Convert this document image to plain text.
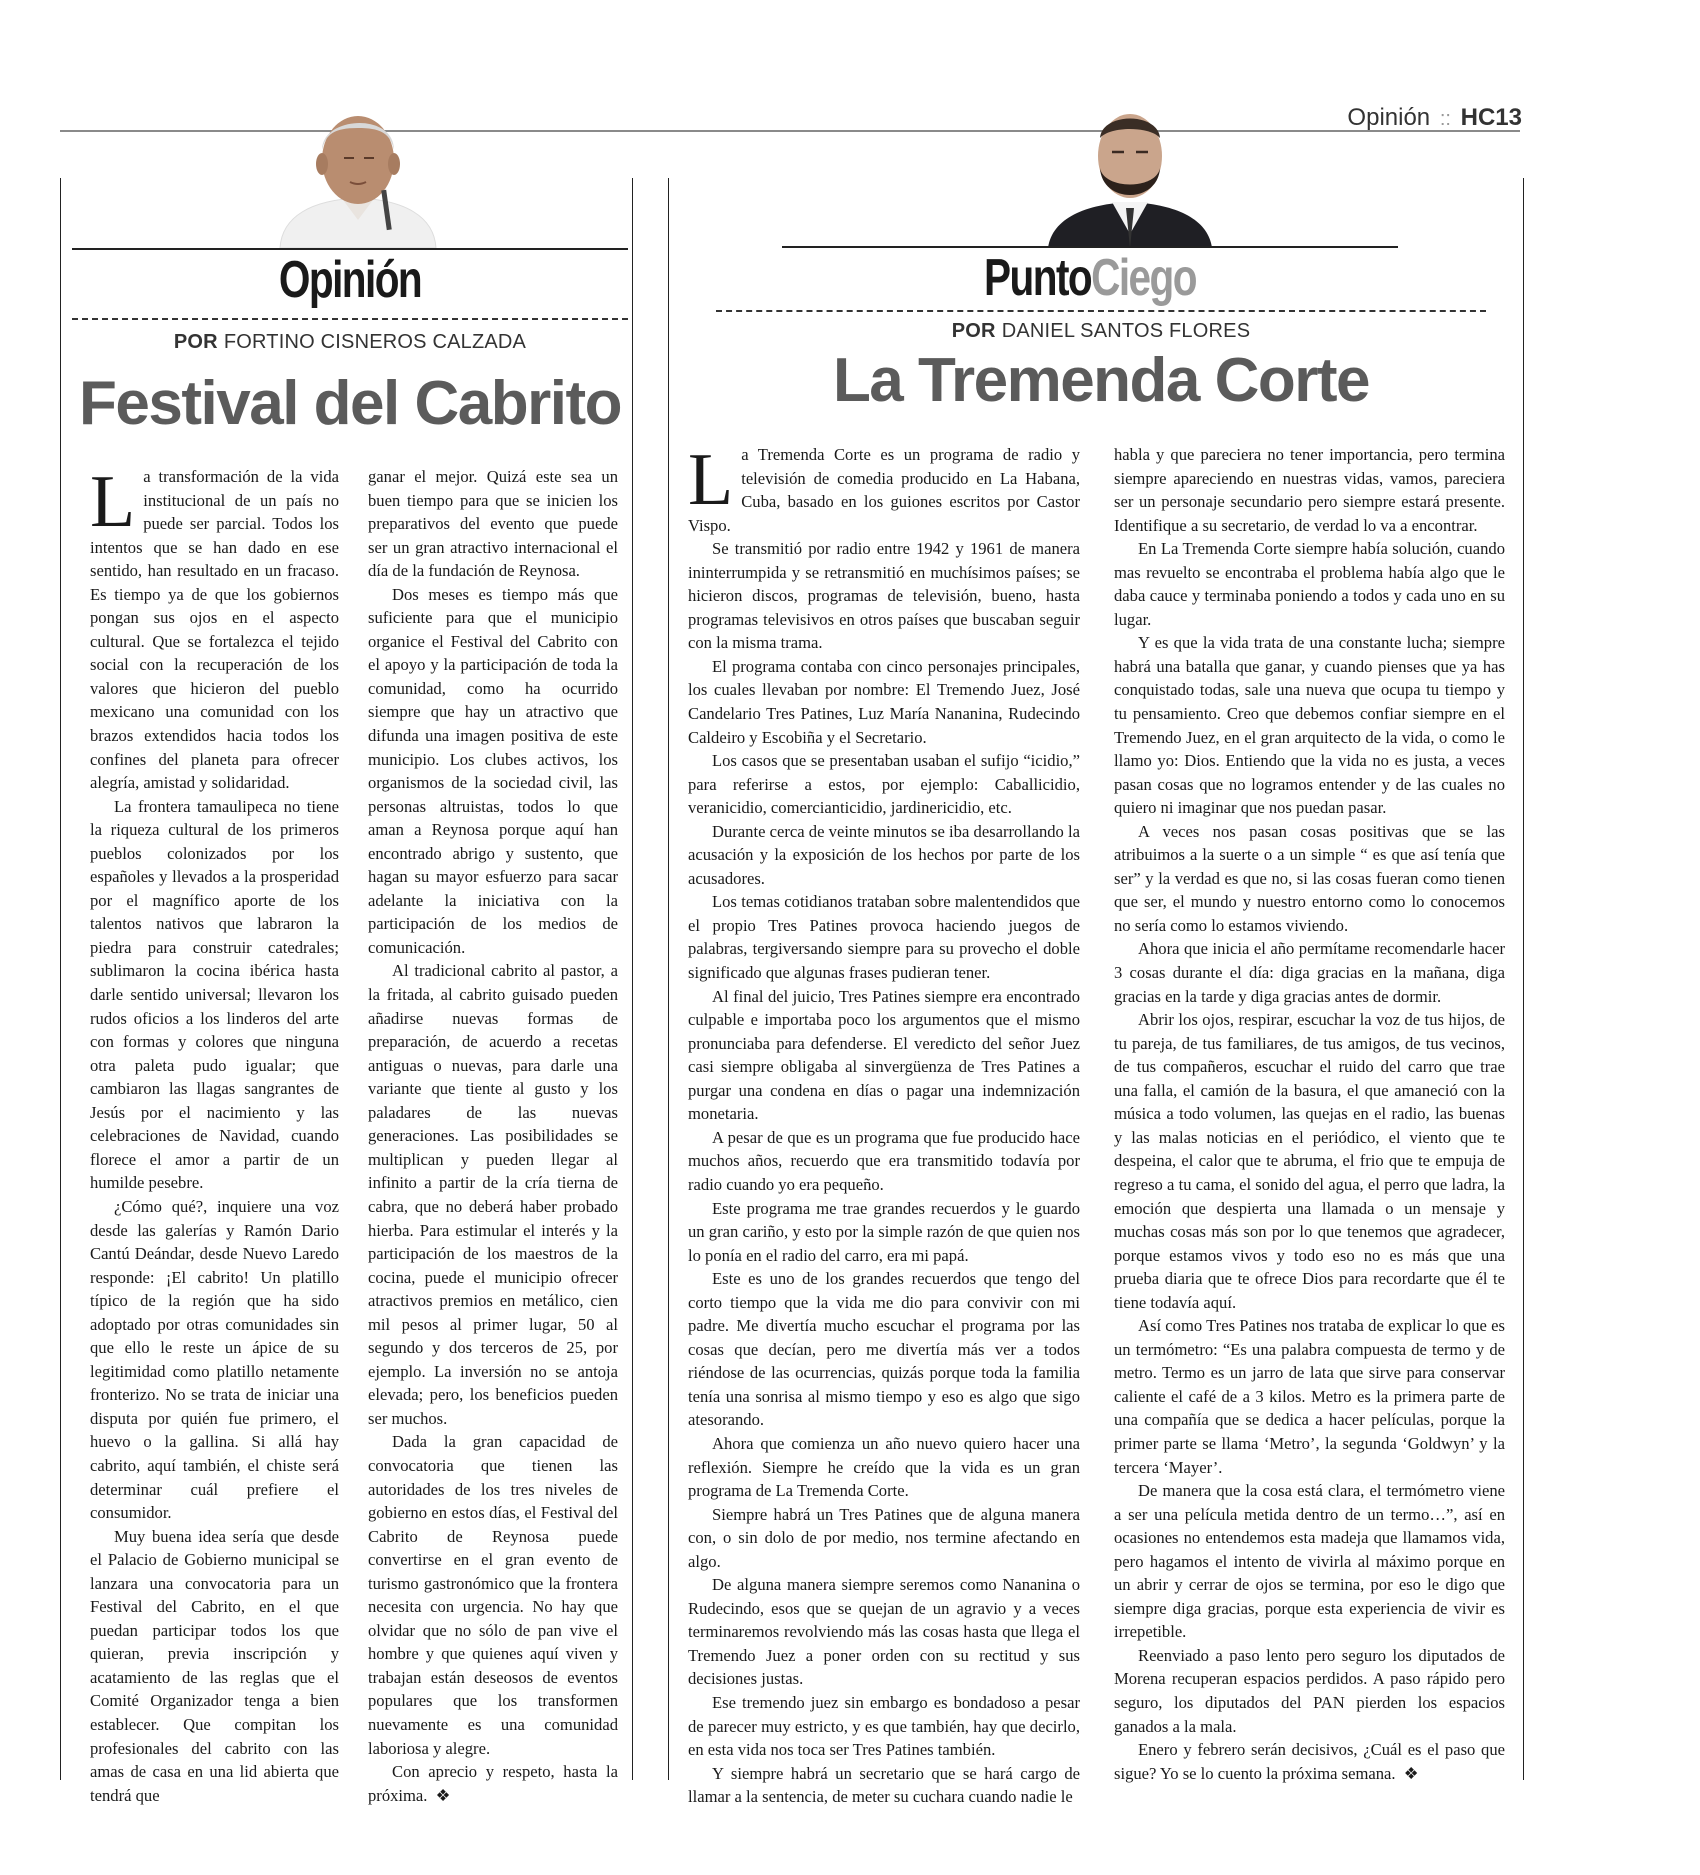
Opinión :: HC13
Opinión
POR FORTINO CISNEROS CALZADA
Festival del Cabrito

La transformación de la vida institucional de un país no puede ser parcial. Todos los intentos que se han dado en ese sentido, han resultado en un fracaso. Es tiempo ya de que los gobiernos pongan sus ojos en el aspecto cultural. Que se fortalezca el tejido social con la recuperación de los valores que hicieron del pueblo mexicano una comunidad con los brazos extendidos hacia todos los confines del planeta para ofrecer alegría, amistad y solidaridad.

La frontera tamaulipeca no tiene la riqueza cultural de los primeros pueblos colonizados por los españoles y llevados a la prosperidad por el magnífico aporte de los talentos nativos que labraron la piedra para construir catedrales; sublimaron la cocina ibérica hasta darle sentido universal; llevaron los rudos oficios a los linderos del arte con formas y colores que ninguna otra paleta pudo igualar; que cambiaron las llagas sangrantes de Jesús por el nacimiento y las celebraciones de Navidad, cuando florece el amor a partir de un humilde pesebre.

¿Cómo qué?, inquiere una voz desde las galerías y Ramón Dario Cantú Deándar, desde Nuevo Laredo responde: ¡El cabrito! Un platillo típico de la región que ha sido adoptado por otras comunidades sin que ello le reste un ápice de su legitimidad como platillo netamente fronterizo. No se trata de iniciar una disputa por quién fue primero, el huevo o la gallina. Si allá hay cabrito, aquí también, el chiste será determinar cuál prefiere el consumidor.

Muy buena idea sería que desde el Palacio de Gobierno municipal se lanzara una convocatoria para un Festival del Cabrito, en el que puedan participar todos los que quieran, previa inscripción y acatamiento de las reglas que el Comité Organizador tenga a bien establecer. Que compitan los profesionales del cabrito con las amas de casa en una lid abierta que tendrá que

ganar el mejor. Quizá este sea un buen tiempo para que se inicien los preparativos del evento que puede ser un gran atractivo internacional el día de la fundación de Reynosa.

Dos meses es tiempo más que suficiente para que el municipio organice el Festival del Cabrito con el apoyo y la participación de toda la comunidad, como ha ocurrido siempre que hay un atractivo que difunda una imagen positiva de este municipio. Los clubes activos, los organismos de la sociedad civil, las personas altruistas, todos lo que aman a Reynosa porque aquí han encontrado abrigo y sustento, que hagan su mayor esfuerzo para sacar adelante la iniciativa con la participación de los medios de comunicación.

Al tradicional cabrito al pastor, a la fritada, al cabrito guisado pueden añadirse nuevas formas de preparación, de acuerdo a recetas antiguas o nuevas, para darle una variante que tiente al gusto y los paladares de las nuevas generaciones. Las posibilidades se multiplican y pueden llegar al infinito a partir de la cría tierna de cabra, que no deberá haber probado hierba. Para estimular el interés y la participación de los maestros de la cocina, puede el municipio ofrecer atractivos premios en metálico, cien mil pesos al primer lugar, 50 al segundo y dos terceros de 25, por ejemplo. La inversión no se antoja elevada; pero, los beneficios pueden ser muchos.

Dada la gran capacidad de convocatoria que tienen las autoridades de los tres niveles de gobierno en estos días, el Festival del Cabrito de Reynosa puede convertirse en el gran evento de turismo gastronómico que la frontera necesita con urgencia. No hay que olvidar que no sólo de pan vive el hombre y que quienes aquí viven y trabajan están deseosos de eventos populares que los transformen nuevamente es una comunidad laboriosa y alegre.

Con aprecio y respeto, hasta la próxima. ❖

PuntoCiego
POR DANIEL SANTOS FLORES
La Tremenda Corte

La Tremenda Corte es un programa de radio y televisión de comedia producido en La Habana, Cuba, basado en los guiones escritos por Castor Vispo.

Se transmitió por radio entre 1942 y 1961 de manera ininterrumpida y se retransmitió en muchísimos países; se hicieron discos, programas de televisión, bueno, hasta programas televisivos en otros países que buscaban seguir con la misma trama.

El programa contaba con cinco personajes principales, los cuales llevaban por nombre: El Tremendo Juez, José Candelario Tres Patines, Luz María Nananina, Rudecindo Caldeiro y Escobiña y el Secretario.

Los casos que se presentaban usaban el sufijo “icidio,” para referirse a estos, por ejemplo: Caballicidio, veranicidio, comercianticidio, jardinericidio, etc.

Durante cerca de veinte minutos se iba desarrollando la acusación y la exposición de los hechos por parte de los acusadores.

Los temas cotidianos trataban sobre malentendidos que el propio Tres Patines provoca haciendo juegos de palabras, tergiversando siempre para su provecho el doble significado que algunas frases pudieran tener.

Al final del juicio, Tres Patines siempre era encontrado culpable e importaba poco los argumentos que el mismo pronunciaba para defenderse. El veredicto del señor Juez casi siempre obligaba al sinvergüenza de Tres Patines a purgar una condena en días o pagar una indemnización monetaria.

A pesar de que es un programa que fue producido hace muchos años, recuerdo que era transmitido todavía por radio cuando yo era pequeño.

Este programa me trae grandes recuerdos y le guardo un gran cariño, y esto por la simple razón de que quien nos lo ponía en el radio del carro, era mi papá.

Este es uno de los grandes recuerdos que tengo del corto tiempo que la vida me dio para convivir con mi padre. Me divertía mucho escuchar el programa por las cosas que decían, pero me divertía más ver a todos riéndose de las ocurrencias, quizás porque toda la familia tenía una sonrisa al mismo tiempo y eso es algo que sigo atesorando.

Ahora que comienza un año nuevo quiero hacer una reflexión. Siempre he creído que la vida es un gran programa de La Tremenda Corte.

Siempre habrá un Tres Patines que de alguna manera con, o sin dolo de por medio, nos termine afectando en algo.

De alguna manera siempre seremos como Nananina o Rudecindo, esos que se quejan de un agravio y a veces terminaremos revolviendo más las cosas hasta que llega el Tremendo Juez a poner orden con su rectitud y sus decisiones justas.

Ese tremendo juez sin embargo es bondadoso a pesar de parecer muy estricto, y es que también, hay que decirlo, en esta vida nos toca ser Tres Patines también.

Y siempre habrá un secretario que se hará cargo de llamar a la sentencia, de meter su cuchara cuando nadie le

habla y que pareciera no tener importancia, pero termina siempre apareciendo en nuestras vidas, vamos, pareciera ser un personaje secundario pero siempre estará presente. Identifique a su secretario, de verdad lo va a encontrar.

En La Tremenda Corte siempre había solución, cuando mas revuelto se encontraba el problema había algo que le daba cauce y terminaba poniendo a todos y cada uno en su lugar.

Y es que la vida trata de una constante lucha; siempre habrá una batalla que ganar, y cuando pienses que ya has conquistado todas, sale una nueva que ocupa tu tiempo y tu pensamiento. Creo que debemos confiar siempre en el Tremendo Juez, en el gran arquitecto de la vida, o como le llamo yo: Dios. Entiendo que la vida no es justa, a veces pasan cosas que no logramos entender y de las cuales no quiero ni imaginar que nos puedan pasar.

A veces nos pasan cosas positivas que se las atribuimos a la suerte o a un simple “ es que así tenía que ser” y la verdad es que no, si las cosas fueran como tienen que ser, el mundo y nuestro entorno como lo conocemos no sería como lo estamos viviendo.

Ahora que inicia el año permítame recomendarle hacer 3 cosas durante el día: diga gracias en la mañana, diga gracias en la tarde y diga gracias antes de dormir.

Abrir los ojos, respirar, escuchar la voz de tus hijos, de tu pareja, de tus familiares, de tus amigos, de tus vecinos, de tus compañeros, escuchar el ruido del carro que trae una falla, el camión de la basura, el que amaneció con la música a todo volumen, las quejas en el radio, las buenas y las malas noticias en el periódico, el viento que te despeina, el calor que te abruma, el frio que te empuja de regreso a tu cama, el sonido del agua, el perro que ladra, la emoción que despierta una llamada o un mensaje y muchas cosas más son por lo que tenemos que agradecer, porque estamos vivos y todo eso no es más que una prueba diaria que te ofrece Dios para recordarte que él te tiene todavía aquí.

Así como Tres Patines nos trataba de explicar lo que es un termómetro: “Es una palabra compuesta de termo y de metro. Termo es un jarro de lata que sirve para conservar caliente el café de a 3 kilos. Metro es la primera parte de una compañía que se dedica a hacer películas, porque la primer parte se llama ‘Metro’, la segunda ‘Goldwyn’ y la tercera ‘Mayer’.

De manera que la cosa está clara, el termómetro viene a ser una película metida dentro de un termo…”, así en ocasiones no entendemos esta madeja que llamamos vida, pero hagamos el intento de vivirla al máximo porque en un abrir y cerrar de ojos se termina, por eso le digo que siempre diga gracias, porque esta experiencia de vivir es irrepetible.

Reenviado a paso lento pero seguro los diputados de Morena recuperan espacios perdidos. A paso rápido pero seguro, los diputados del PAN pierden los espacios ganados a la mala.

Enero y febrero serán decisivos, ¿Cuál es el paso que sigue? Yo se lo cuento la próxima semana. ❖
